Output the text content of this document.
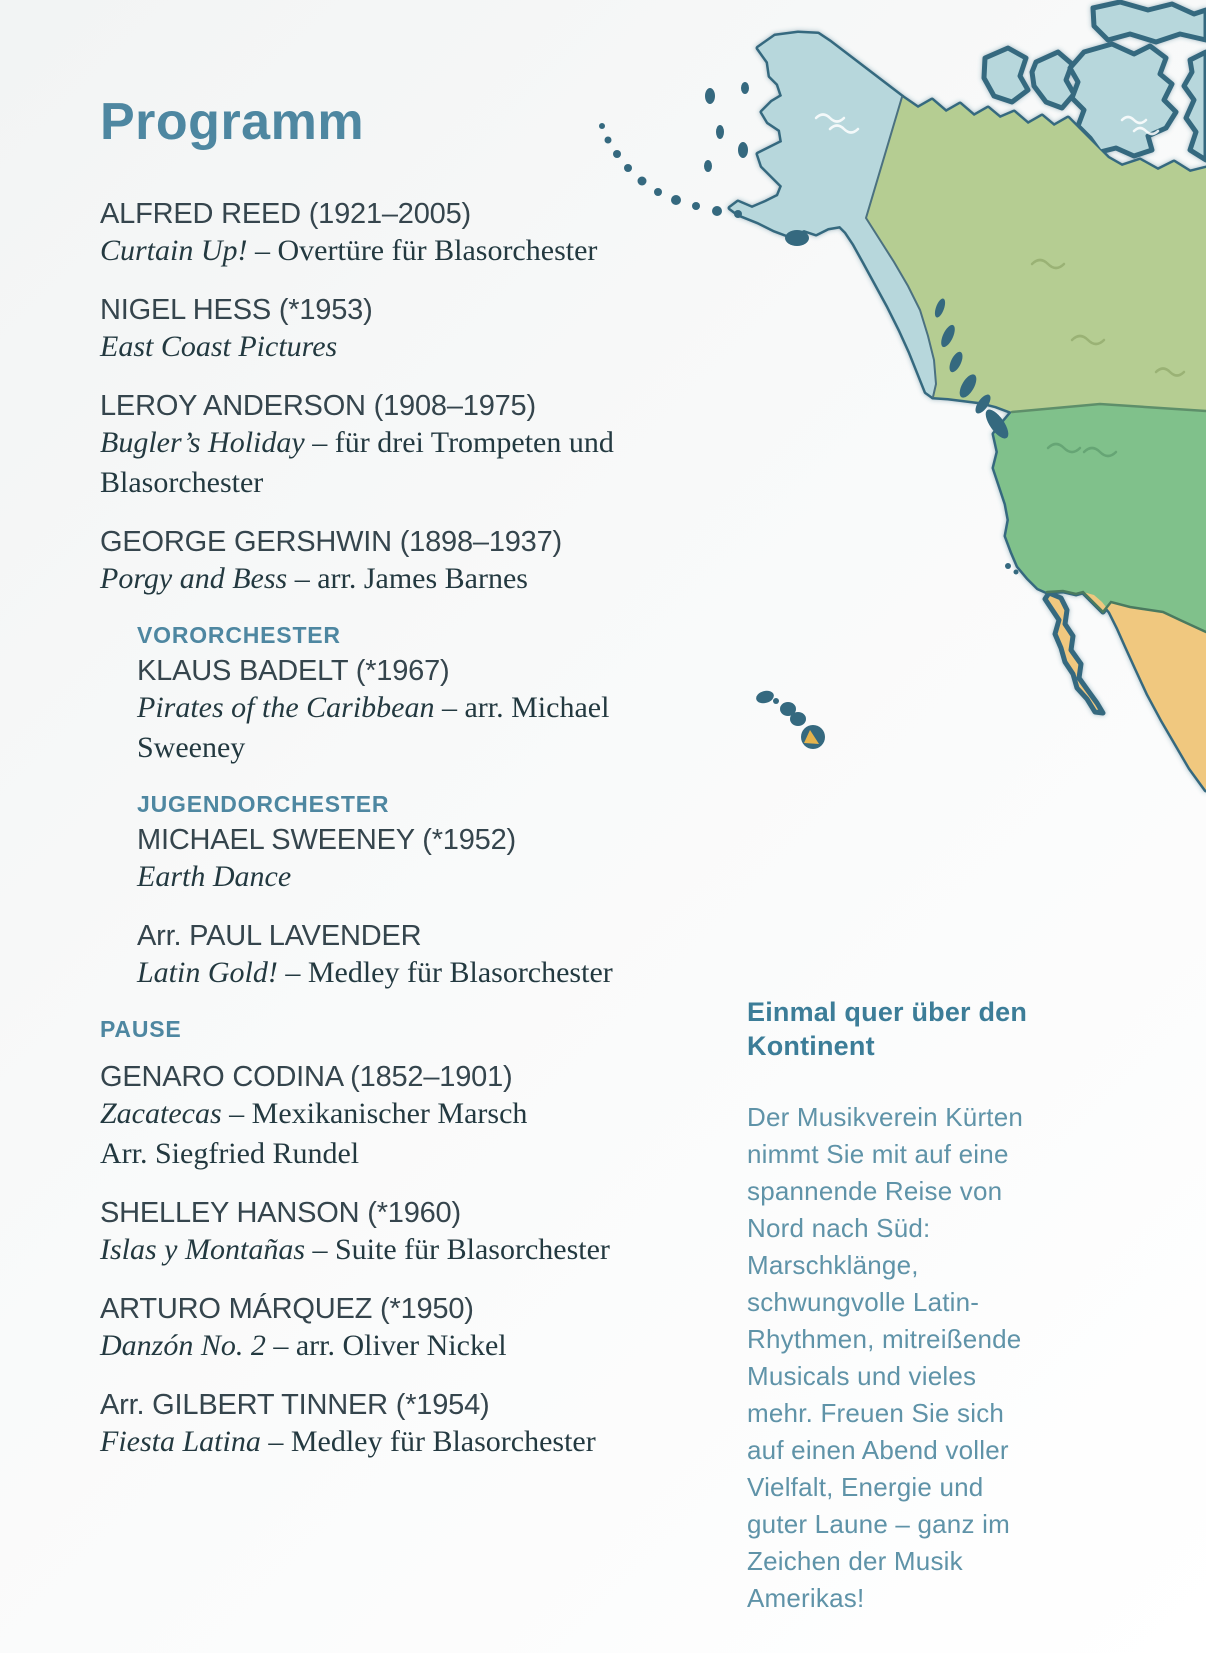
Programm
ALFRED REED (1921–2005)
Curtain Up! – Overtüre für Blasorchester
NIGEL HESS (*1953)
East Coast Pictures
LEROY ANDERSON (1908–1975)
Bugler’s Holiday – für drei Trompeten und Blasorchester
GEORGE GERSHWIN (1898–1937)
Porgy and Bess – arr. James Barnes
VORORCHESTER
KLAUS BADELT (*1967)
Pirates of the Caribbean – arr. Michael Sweeney
JUGENDORCHESTER
MICHAEL SWEENEY (*1952)
Earth Dance
Arr. PAUL LAVENDER
Latin Gold! – Medley für Blasorchester
PAUSE
GENARO CODINA (1852–1901)
Zacatecas – Mexikanischer Marsch
Arr. Siegfried Rundel
SHELLEY HANSON (*1960)
Islas y Montañas – Suite für Blasorchester
ARTURO MÁRQUEZ (*1950)
Danzón No. 2 – arr. Oliver Nickel
Arr. GILBERT TINNER (*1954)
Fiesta Latina – Medley für Blasorchester
Einmal quer über den Kontinent

Der Musikverein Kürten nimmt Sie mit auf eine spannende Reise von Nord nach Süd: Marschklänge, schwungvolle Latin-Rhythmen, mitreißende Musicals und vieles mehr. Freuen Sie sich auf einen Abend voller Vielfalt, Energie und guter Laune – ganz im Zeichen der Musik Amerikas!
